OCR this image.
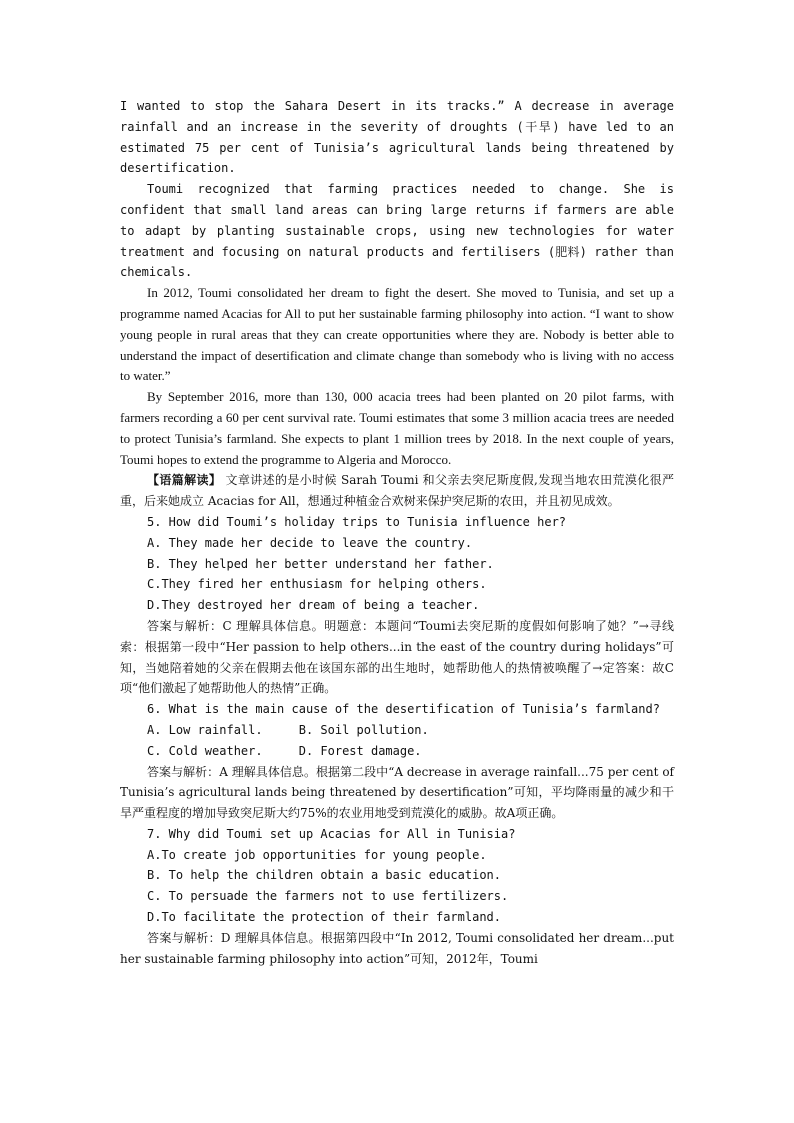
I wanted to stop the Sahara Desert in its tracks.” A decrease in average rainfall and an increase in the severity of droughts (干旱) have led to an estimated 75 per cent of Tunisia’s agricultural lands being threatened by desertification.

Toumi recognized that farming practices needed to change. She is confident that small land areas can bring large returns if farmers are able to adapt by planting sustainable crops, using new technologies for water treatment and focusing on natural products and fertilisers (肥料) rather than chemicals.

In 2012, Toumi consolidated her dream to fight the desert. She moved to Tunisia, and set up a programme named Acacias for All to put her sustainable farming philosophy into action. “I want to show young people in rural areas that they can create opportunities where they are. Nobody is better able to understand the impact of desertification and climate change than somebody who is living with no access to water.”

By September 2016, more than 130, 000 acacia trees had been planted on 20 pilot farms, with farmers recording a 60 per cent survival rate. Toumi estimates that some 3 million acacia trees are needed to protect Tunisia’s farmland. She expects to plant 1 million trees by 2018. In the next couple of years, Toumi hopes to extend the programme to Algeria and Morocco.

【语篇解读】 文章讲述的是小时候 Sarah Toumi 和父亲去突尼斯度假,发现当地农田荒漠化很严重，后来她成立 Acacias for All，想通过种植金合欢树来保护突尼斯的农田，并且初见成效。

5. How did Toumi’s holiday trips to Tunisia influence her?

A. They made her decide to leave the country.

B. They helped her better understand her father.

C.They fired her enthusiasm for helping others.

D.They destroyed her dream of being a teacher.

答案与解析：C 理解具体信息。明题意：本题问“Toumi去突尼斯的度假如何影响了她？”→寻线索：根据第一段中“Her passion to help others...in the east of the country during holidays”可知，当她陪着她的父亲在假期去他在该国东部的出生地时，她帮助他人的热情被唤醒了→定答案：故C项“他们激起了她帮助他人的热情”正确。

6. What is the main cause of the desertification of Tunisia’s farmland?

A. Low rainfall.     B. Soil pollution.

C. Cold weather.     D. Forest damage.

答案与解析：A 理解具体信息。根据第二段中“A decrease in average rainfall...75 per cent of Tunisia’s agricultural lands being threatened by desertification”可知，平均降雨量的减少和干旱严重程度的增加导致突尼斯大约75%的农业用地受到荒漠化的威胁。故A项正确。

7. Why did Toumi set up Acacias for All in Tunisia?

A.To create job opportunities for young people.

B. To help the children obtain a basic education.

C. To persuade the farmers not to use fertilizers.

D.To facilitate the protection of their farmland.

答案与解析：D 理解具体信息。根据第四段中“In 2012, Toumi consolidated her dream...put her sustainable farming philosophy into action”可知，2012年，Toumi
